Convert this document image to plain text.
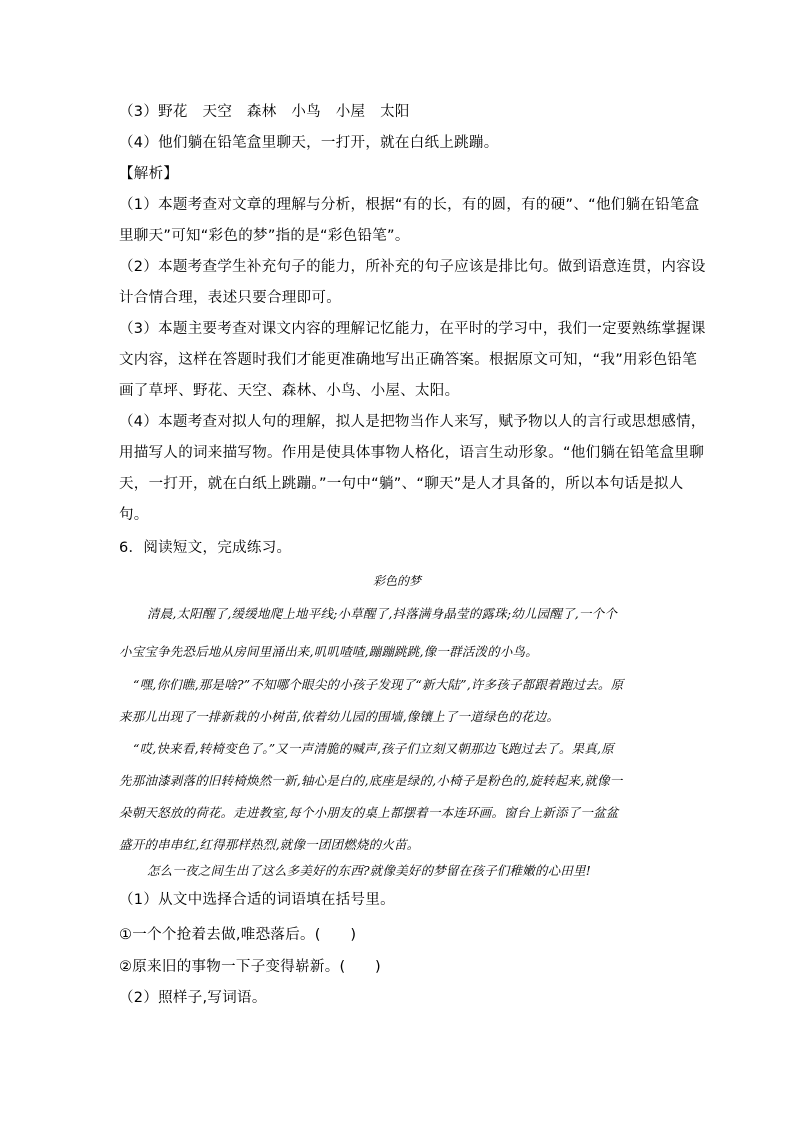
（3）野花　天空　森林　小鸟　小屋　太阳
（4）他们躺在铅笔盒里聊天，一打开，就在白纸上跳蹦。
【解析】
（1）本题考查对文章的理解与分析，根据“有的长，有的圆，有的硬”、“他们躺在铅笔盒
里聊天”可知“彩色的梦”指的是“彩色铅笔”。
（2）本题考查学生补充句子的能力，所补充的句子应该是排比句。做到语意连贯，内容设
计合情合理，表述只要合理即可。
（3）本题主要考查对课文内容的理解记忆能力，在平时的学习中，我们一定要熟练掌握课
文内容，这样在答题时我们才能更准确地写出正确答案。根据原文可知，“我”用彩色铅笔
画了草坪、野花、天空、森林、小鸟、小屋、太阳。
（4）本题考查对拟人句的理解，拟人是把物当作人来写，赋予物以人的言行或思想感情，
用描写人的词来描写物。作用是使具体事物人格化，语言生动形象。“他们躺在铅笔盒里聊
天，一打开，就在白纸上跳蹦。”一句中“躺”、“聊天”是人才具备的，所以本句话是拟人
句。
6．阅读短文，完成练习。
彩色的梦
清晨,太阳醒了,缓缓地爬上地平线;小草醒了,抖落满身晶莹的露珠;幼儿园醒了,一个个
小宝宝争先恐后地从房间里涌出来,叽叽喳喳,蹦蹦跳跳,像一群活泼的小鸟。
“嘿,你们瞧,那是啥?”不知哪个眼尖的小孩子发现了“新大陆”,许多孩子都跟着跑过去。原
来那儿出现了一排新栽的小树苗,依着幼儿园的围墙,像镶上了一道绿色的花边。
“哎,快来看,转椅变色了。”又一声清脆的喊声,孩子们立刻又朝那边飞跑过去了。果真,原
先那油漆剥落的旧转椅焕然一新,轴心是白的,底座是绿的,小椅子是粉色的,旋转起来,就像一
朵朝天怒放的荷花。走进教室,每个小朋友的桌上都摆着一本连环画。窗台上新添了一盆盆
盛开的串串红,红得那样热烈,就像一团团燃烧的火苗。
怎么一夜之间生出了这么多美好的东西?就像美好的梦留在孩子们稚嫩的心田里!
（1）从文中选择合适的词语填在括号里。
①一个个抢着去做,唯恐落后。(　　)
②原来旧的事物一下子变得崭新。(　　)
（2）照样子,写词语。
